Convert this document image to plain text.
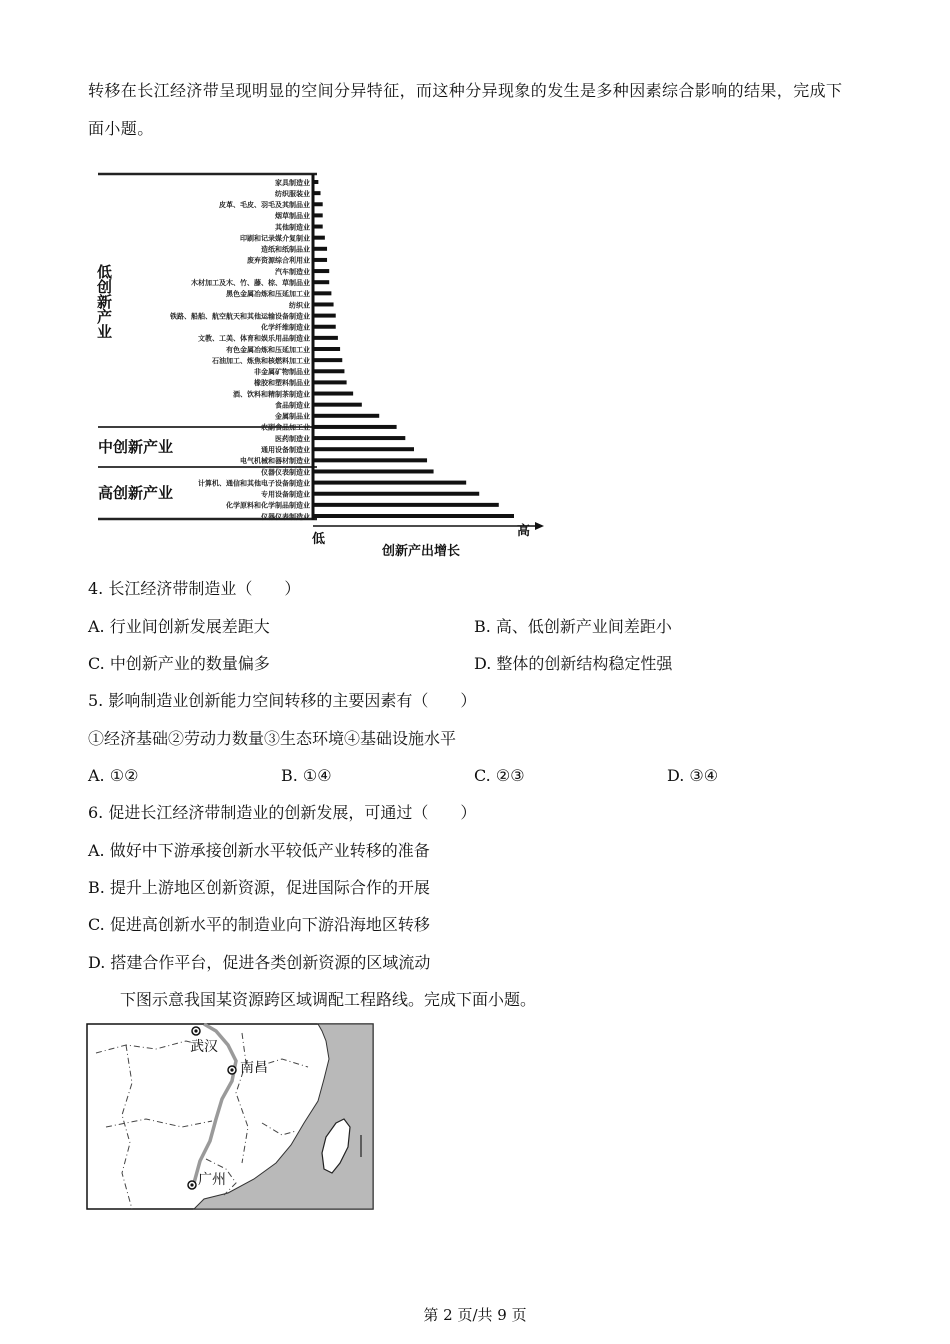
转移在长江经济带呈现明显的空间分异特征，而这种分异现象的发生是多种因素综合影响的结果，完成下
面小题。
家具制造业
纺织服装业
皮革、毛皮、羽毛及其制品业
烟草制品业
其他制造业
印刷和记录媒介复制业
造纸和纸制品业
废弃资源综合利用业
汽车制造业
木材加工及木、竹、藤、棕、草制品业
黑色金属冶炼和压延加工业
纺织业
铁路、船舶、航空航天和其他运输设备制造业
化学纤维制造业
文教、工美、体育和娱乐用品制造业
有色金属冶炼和压延加工业
石油加工、炼焦和核燃料加工业
非金属矿物制品业
橡胶和塑料制品业
酒、饮料和精制茶制造业
食品制造业
金属制品业
农副食品加工业
医药制造业
通用设备制造业
电气机械和器材制造业
仪器仪表制造业
计算机、通信和其他电子设备制造业
专用设备制造业
化学原料和化学制品制造业
仪器仪表制造业
低创新产业
中创新产业
高创新产业
低
高
创新产出增长
4. 长江经济带制造业（　　）
A. 行业间创新发展差距大	B. 高、低创新产业间差距小
C. 中创新产业的数量偏多	D. 整体的创新结构稳定性强
5. 影响制造业创新能力空间转移的主要因素有（　　）
①经济基础②劳动力数量③生态环境④基础设施水平
A. ①②	B. ①④	C. ②③	D. ③④
6. 促进长江经济带制造业的创新发展，可通过（　　）
A. 做好中下游承接创新水平较低产业转移的准备
B. 提升上游地区创新资源，促进国际合作的开展
C. 促进高创新水平的制造业向下游沿海地区转移
D. 搭建合作平台，促进各类创新资源的区域流动
下图示意我国某资源跨区域调配工程路线。完成下面小题。
武汉
南昌
广州
第 2 页/共 9 页
